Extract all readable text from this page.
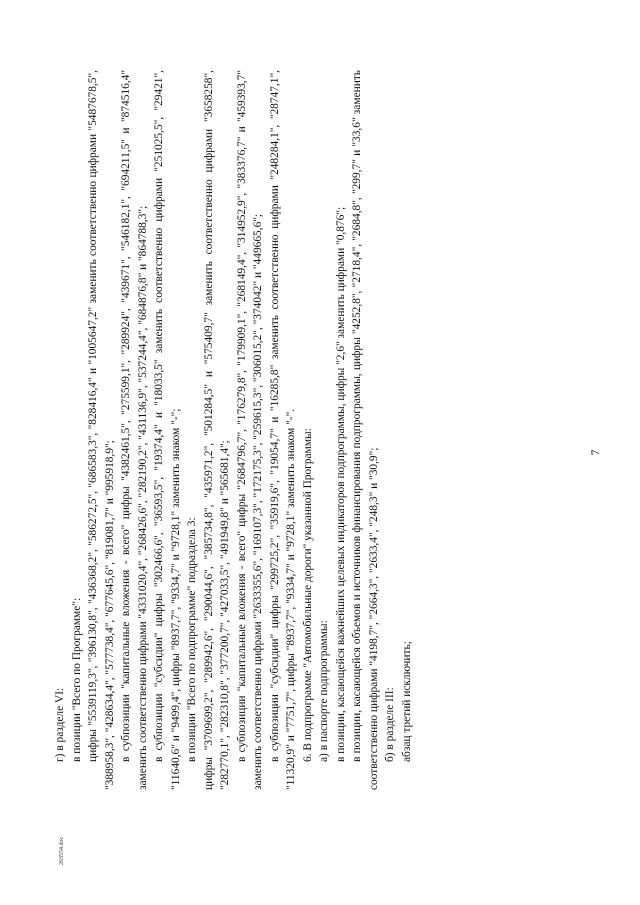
7

г) в разделе VI: в позиции "Всего по Программе": цифры "5539119,3", "396130,8", "436368,2", "586272,5", "686583,3", "828416,4" и "1005647,2" заменить соответственно цифрами "5487678,5", "388958,3", "428634,4", "577738,4", "677645,6", "819081,7" и "995918,9"; в субпозиции "капитальные вложения - всего" цифры "4382461,5", "275599,1", "289924", "439671", "546182,1", "694211,5" и "874516,4" заменить соответственно цифрами "4331020,4", "268426,6", "282190,2", "431136,9", "537244,4", "684876,8" и "864788,3"; в субпозиции "субсидии" цифры "302466,6", "36593,5", "19374,4" и "18033,5" заменить соответственно цифрами "251025,5", "29421", "11640,6" и "9499,4", цифры "8937,7", "9334,7" и "9728,1" заменить знаком "-"; в позиции "Всего по подпрограмме" подраздела 3: цифры "3709699,2", "289942,6", "290044,6", "385734,8", "435971,2", "501284,5" и "575409,7" заменить соответственно цифрами "3658258", "282770,1", "282310,8", "377200,7", "427033,5", "491949,8" и "565681,4"; в субпозиции "капитальные вложения - всего" цифры "2684796,7", "176279,8", "179909,1", "268149,4", "314952,9", "383376,7" и "459393,7" заменить соответственно цифрами "2633355,6", "169107,3", "172175,3", "259615,3", "306015,2", "374042" и "449665,6"; в субпозиции "субсидии" цифры "299725,2", "35919,6", "19054,7" и "16285,8" заменить соответственно цифрами "248284,1", "28747,1", "11320,9" и "7751,7", цифры "8937,7", "9334,7" и "9728,1" заменить знаком "-". 6. В подпрограмме "Автомобильные дороги" указанной Программы: а) в паспорте подпрограммы: в позиции, касающейся важнейших целевых индикаторов подпрограммы, цифры "2,6" заменить цифрами "0,876"; в позиции, касающейся объемов и источников финансирования подпрограммы, цифры "4252,8", "2718,4", "2684,8", "299,7" и "33,6" заменить соответственно цифрами "4198,7", "2664,3", "2633,4", "248,3" и "30,9"; б) в разделе III: абзац третий исключить;

263554.doc
